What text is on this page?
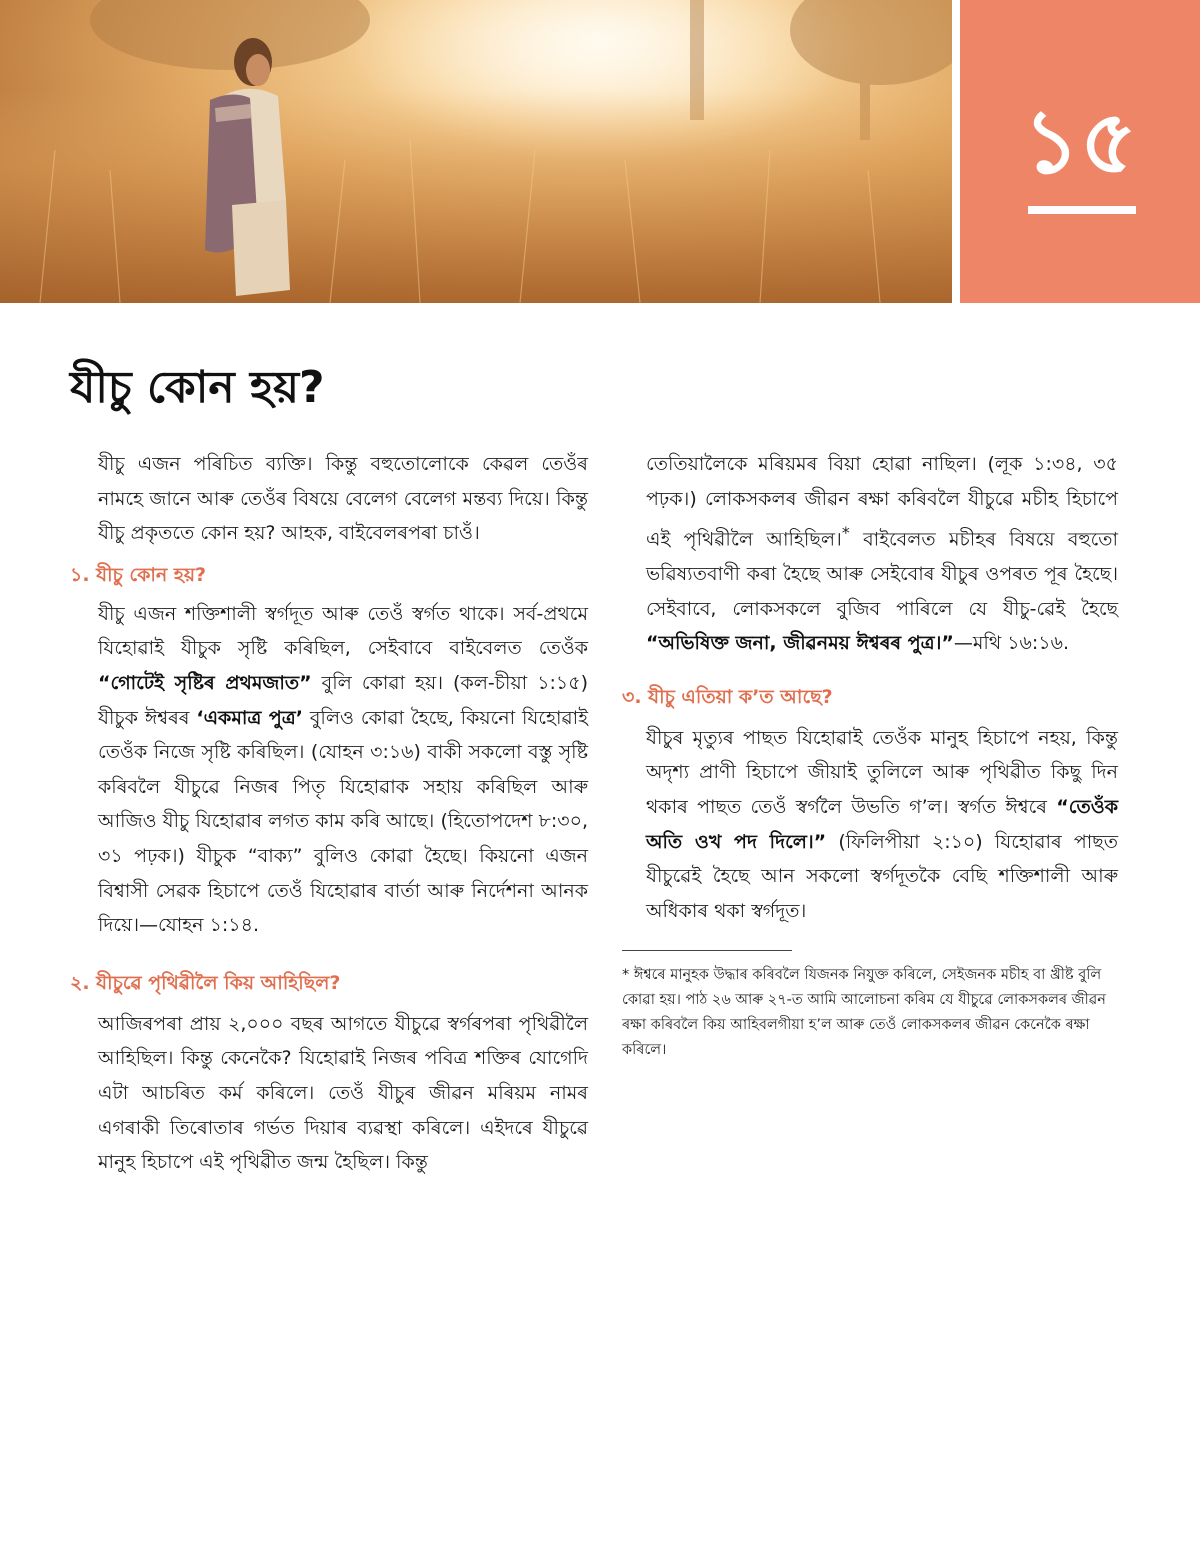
১৫
যীচু কোন হয়?

যীচু এজন পৰিচিত ব্যক্তি। কিন্তু বহুতোলোকে কেৱল তেওঁৰ নামহে জানে আৰু তেওঁৰ বিষয়ে বেলেগ বেলেগ মন্তব্য দিয়ে। কিন্তু যীচু প্ৰকৃততে কোন হয়? আহক, বাইবেলৰপৰা চাওঁ।

১. যীচু কোন হয়?

যীচু এজন শক্তিশালী স্বৰ্গদূত আৰু তেওঁ স্বৰ্গত থাকে। সৰ্ব-প্ৰথমে যিহোৱাই যীচুক সৃষ্টি কৰিছিল, সেইবাবে বাইবেলত তেওঁক “গোটেই সৃষ্টিৰ প্ৰথমজাত” বুলি কোৱা হয়। (কল-চীয়া ১:১৫) যীচুক ঈশ্বৰৰ ‘একমাত্ৰ পুত্ৰ’ বুলিও কোৱা হৈছে, কিয়নো যিহোৱাই তেওঁক নিজে সৃষ্টি কৰিছিল। (যোহন ৩:১৬) বাকী সকলো বস্তু সৃষ্টি কৰিবলৈ যীচুৱে নিজৰ পিতৃ যিহোৱাক সহায় কৰিছিল আৰু আজিও যীচু যিহোৱাৰ লগত কাম কৰি আছে। (হিতোপদেশ ৮:৩০, ৩১ পঢ়ক।) যীচুক “বাক্য” বুলিও কোৱা হৈছে। কিয়নো এজন বিশ্বাসী সেৱক হিচাপে তেওঁ যিহোৱাৰ বাৰ্তা আৰু নিৰ্দেশনা আনক দিয়ে।—যোহন ১:১৪.

২. যীচুৱে পৃথিৱীলৈ কিয় আহিছিল?

আজিৰপৰা প্ৰায় ২,০০০ বছৰ আগতে যীচুৱে স্বৰ্গৰপৰা পৃথিৱীলৈ আহিছিল। কিন্তু কেনেকৈ? যিহোৱাই নিজৰ পবিত্ৰ শক্তিৰ যোগেদি এটা আচৰিত কৰ্ম কৰিলে। তেওঁ যীচুৰ জীৱন মৰিয়ম নামৰ এগৰাকী তিৰোতাৰ গৰ্ভত দিয়াৰ ব্যৱস্থা কৰিলে। এইদৰে যীচুৱে মানুহ হিচাপে এই পৃথিৱীত জন্ম হৈছিল। কিন্তু

তেতিয়ালৈকে মৰিয়মৰ বিয়া হোৱা নাছিল। (লূক ১:৩৪, ৩৫ পঢ়ক।) লোকসকলৰ জীৱন ৰক্ষা কৰিবলৈ যীচুৱে মচীহ হিচাপে এই পৃথিৱীলৈ আহিছিল।* বাইবেলত মচীহৰ বিষয়ে বহুতো ভৱিষ্যতবাণী কৰা হৈছে আৰু সেইবোৰ যীচুৰ ওপৰত পূৰ হৈছে। সেইবাবে, লোকসকলে বুজিব পাৰিলে যে যীচু-ৱেই হৈছে “অভিষিক্ত জনা, জীৱনময় ঈশ্বৰৰ পুত্ৰ।”—মথি ১৬:১৬.

৩. যীচু এতিয়া ক’ত আছে?

যীচুৰ মৃত্যুৰ পাছত যিহোৱাই তেওঁক মানুহ হিচাপে নহয়, কিন্তু অদৃশ্য প্ৰাণী হিচাপে জীয়াই তুলিলে আৰু পৃথিৱীত কিছু দিন থকাৰ পাছত তেওঁ স্বৰ্গলৈ উভতি গ’ল। স্বৰ্গত ঈশ্বৰে “তেওঁক অতি ওখ পদ দিলে।” (ফিলিপীয়া ২:১০) যিহোৱাৰ পাছত যীচুৱেই হৈছে আন সকলো স্বৰ্গদূতকৈ বেছি শক্তিশালী আৰু অধিকাৰ থকা স্বৰ্গদূত।

* ঈশ্বৰে মানুহক উদ্ধাৰ কৰিবলৈ যিজনক নিযুক্ত কৰিলে, সেইজনক মচীহ বা খ্ৰীষ্ট বুলি কোৱা হয়। পাঠ ২৬ আৰু ২৭-ত আমি আলোচনা কৰিম যে যীচুৱে লোকসকলৰ জীৱন ৰক্ষা কৰিবলৈ কিয় আহিবলগীয়া হ’ল আৰু তেওঁ লোকসকলৰ জীৱন কেনেকৈ ৰক্ষা কৰিলে।
